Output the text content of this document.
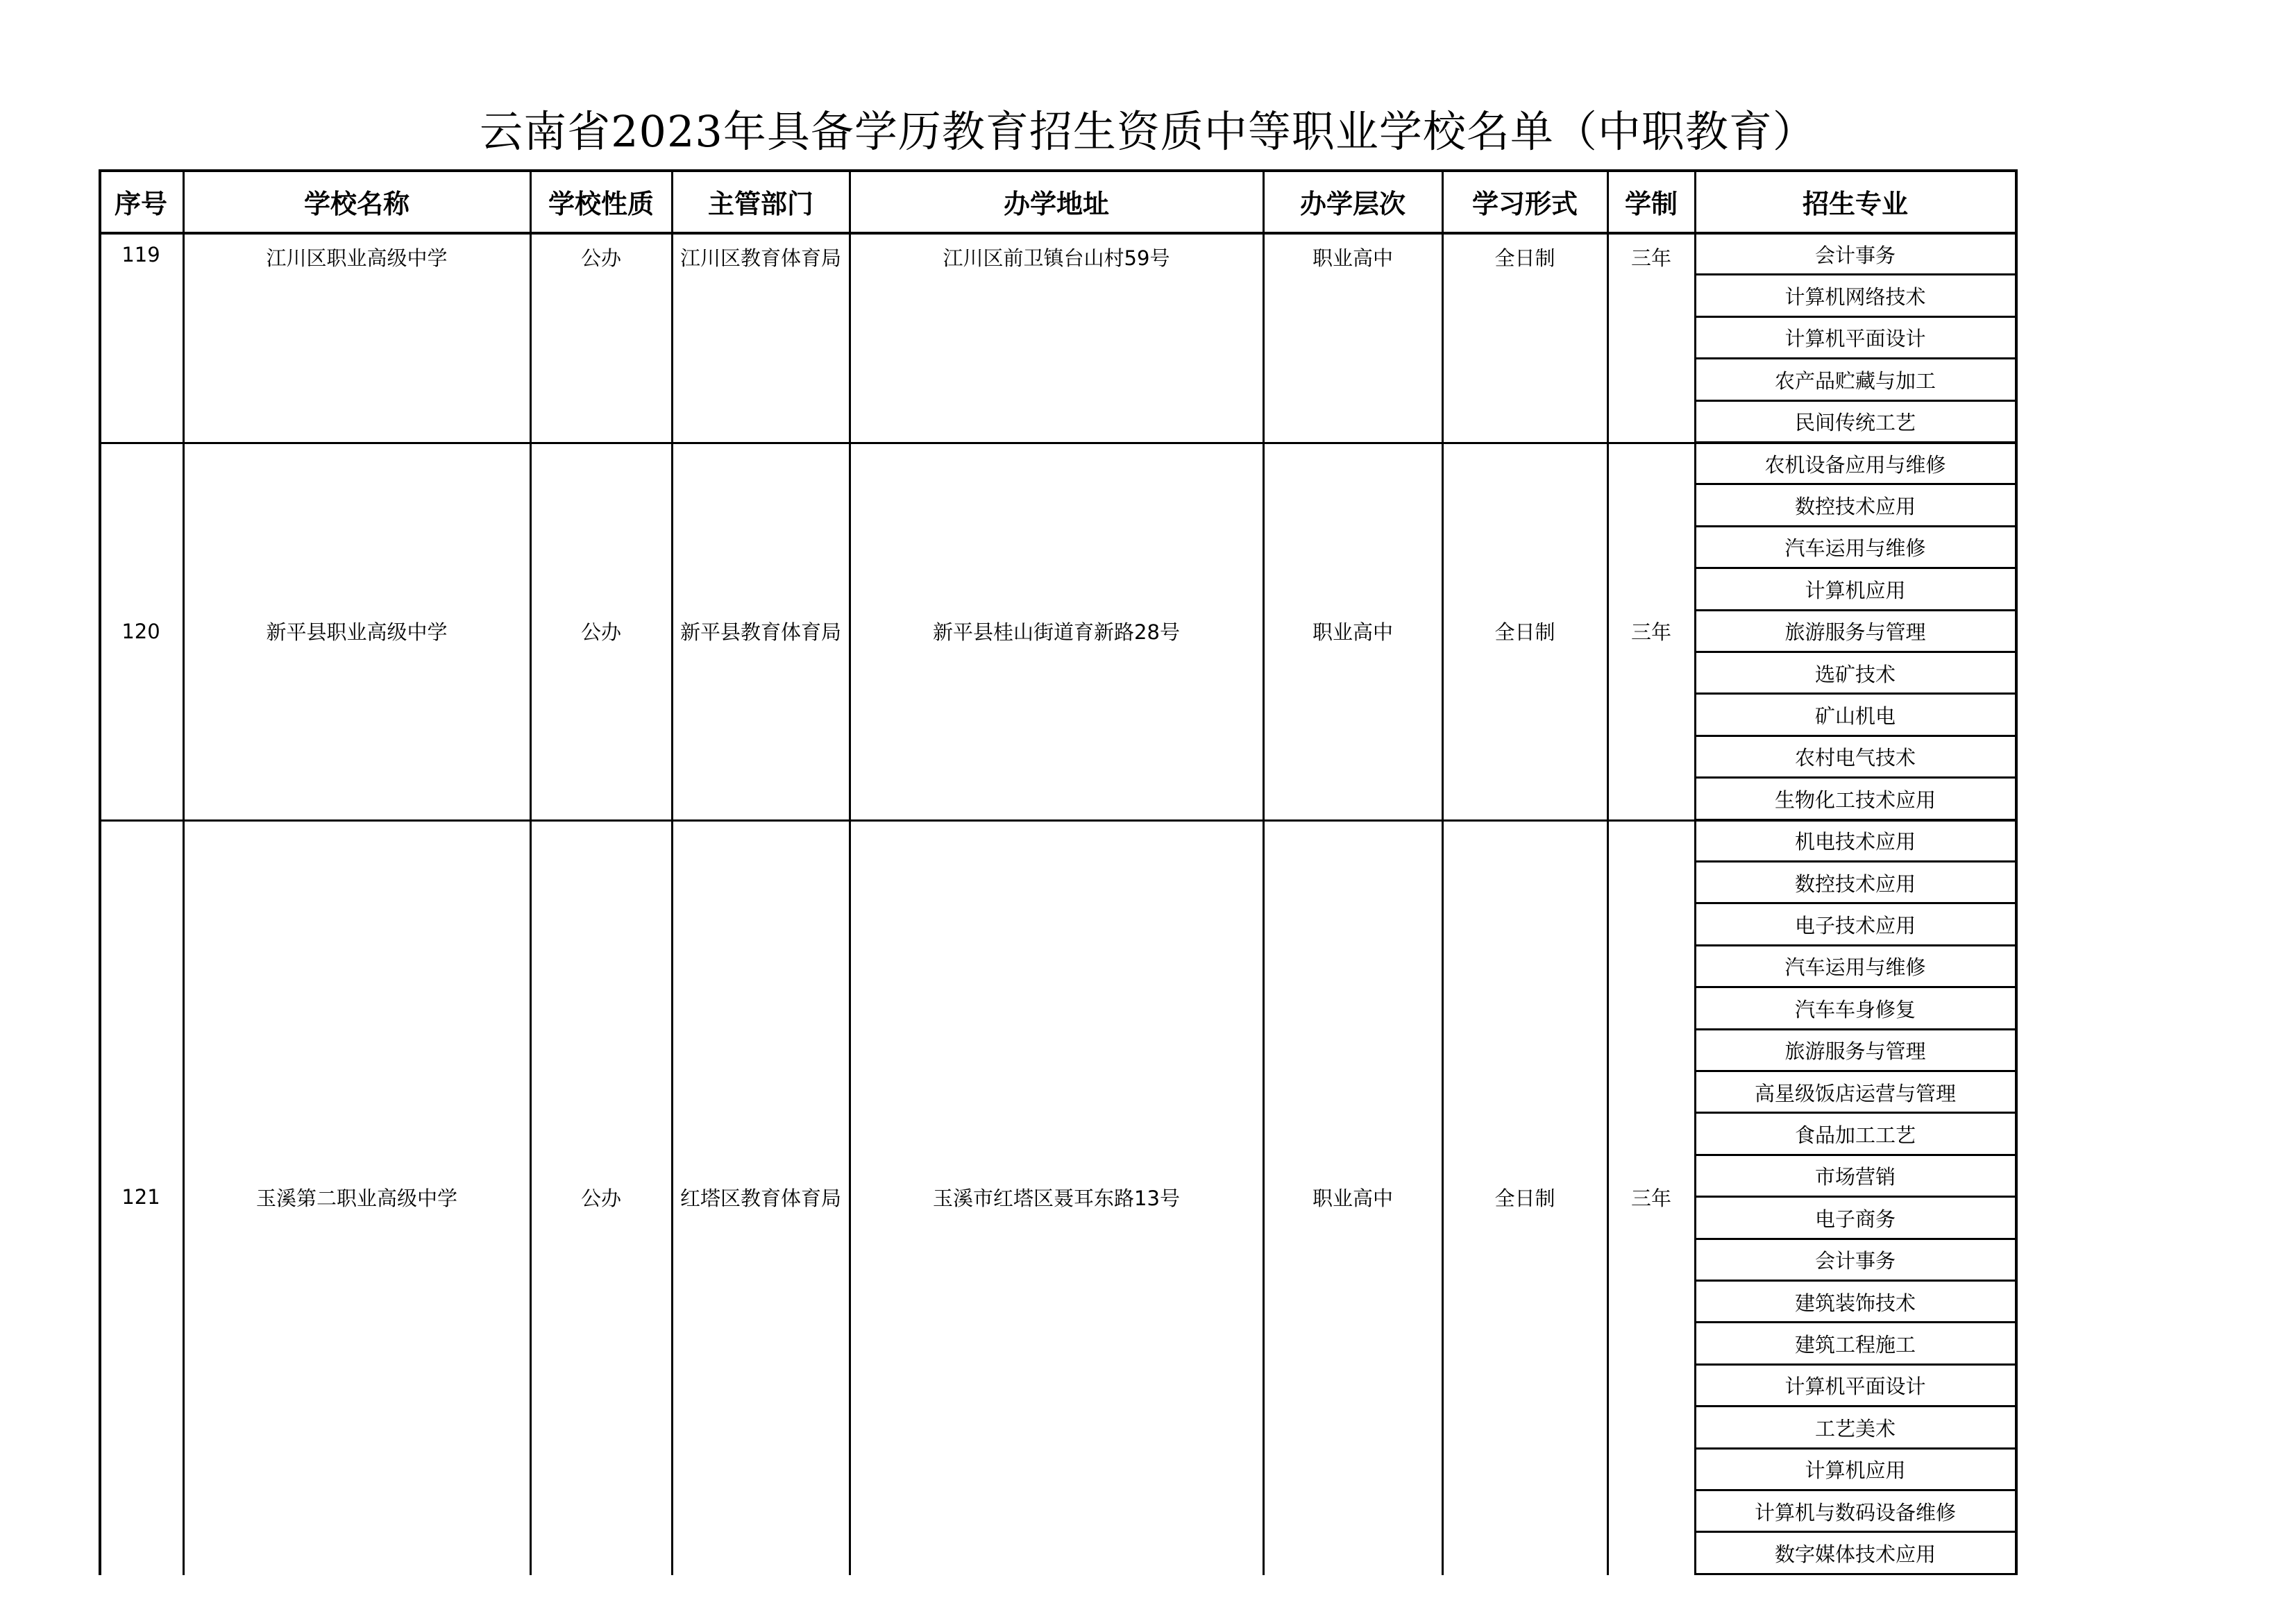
云南省2023年具备学历教育招生资质中等职业学校名单（中职教育）
序号	学校名称	学校性质	主管部门	办学地址	办学层次	学习形式	学制	招生专业
119	江川区职业高级中学	公办	江川区教育体育局	江川区前卫镇台山村59号	职业高中	全日制	三年	会计事务
计算机网络技术
计算机平面设计
农产品贮藏与加工
民间传统工艺
120	新平县职业高级中学	公办	新平县教育体育局	新平县桂山街道育新路28号	职业高中	全日制	三年
农机设备应用与维修
数控技术应用
汽车运用与维修
计算机应用
旅游服务与管理
选矿技术
矿山机电
农村电气技术
生物化工技术应用
121	玉溪第二职业高级中学	公办	红塔区教育体育局	玉溪市红塔区聂耳东路13号	职业高中	全日制	三年
机电技术应用
数控技术应用
电子技术应用
汽车运用与维修
汽车车身修复
旅游服务与管理
高星级饭店运营与管理
食品加工工艺
市场营销
电子商务
会计事务
建筑装饰技术
建筑工程施工
计算机平面设计
工艺美术
计算机应用
计算机与数码设备维修
数字媒体技术应用
